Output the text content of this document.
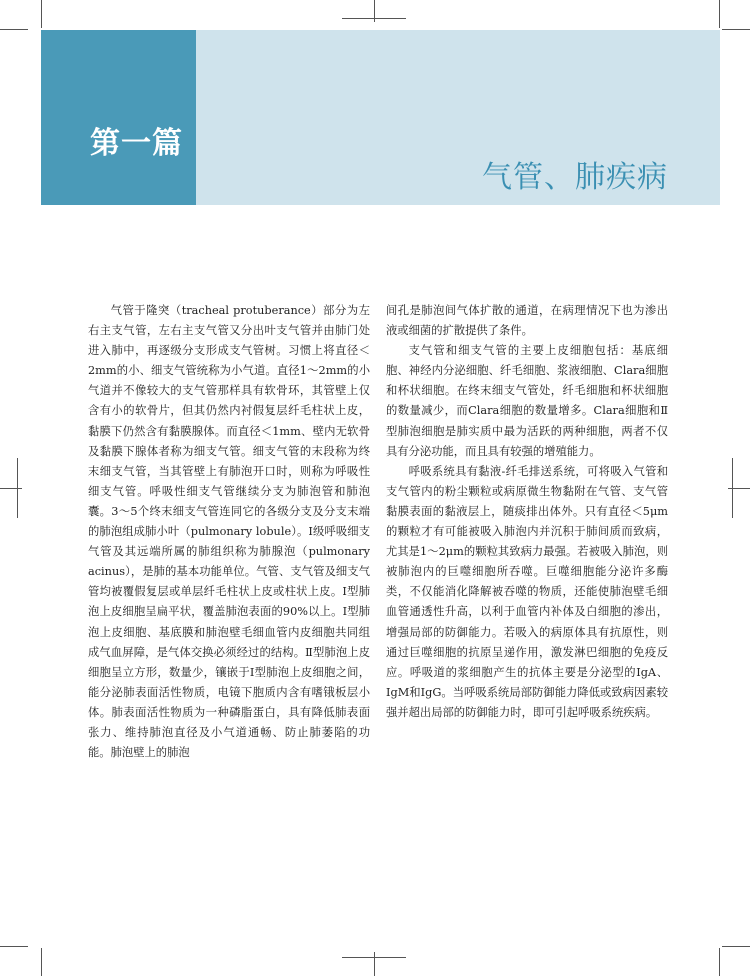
第一篇
气管、肺疾病

气管于隆突（tracheal protuberance）部分为左右主支气管，左右主支气管又分出叶支气管并由肺门处进入肺中，再逐级分支形成支气管树。习惯上将直径＜2mm的小、细支气管统称为小气道。直径1～2mm的小气道并不像较大的支气管那样具有软骨环，其管壁上仅含有小的软骨片，但其仍然内衬假复层纤毛柱状上皮，黏膜下仍然含有黏膜腺体。而直径＜1mm、壁内无软骨及黏膜下腺体者称为细支气管。细支气管的末段称为终末细支气管，当其管壁上有肺泡开口时，则称为呼吸性细支气管。呼吸性细支气管继续分支为肺泡管和肺泡囊。3～5个终末细支气管连同它的各级分支及分支末端的肺泡组成肺小叶（pulmonary lobule）。Ⅰ级呼吸细支气管及其远端所属的肺组织称为肺腺泡（pulmonary acinus），是肺的基本功能单位。气管、支气管及细支气管均被覆假复层或单层纤毛柱状上皮或柱状上皮。Ⅰ型肺泡上皮细胞呈扁平状，覆盖肺泡表面的90%以上。Ⅰ型肺泡上皮细胞、基底膜和肺泡壁毛细血管内皮细胞共同组成气血屏障，是气体交换必须经过的结构。Ⅱ型肺泡上皮细胞呈立方形，数量少，镶嵌于Ⅰ型肺泡上皮细胞之间，能分泌肺表面活性物质，电镜下胞质内含有嗜锇板层小体。肺表面活性物质为一种磷脂蛋白，具有降低肺表面张力、维持肺泡直径及小气道通畅、防止肺萎陷的功能。肺泡壁上的肺泡

间孔是肺泡间气体扩散的通道，在病理情况下也为渗出液或细菌的扩散提供了条件。

支气管和细支气管的主要上皮细胞包括：基底细胞、神经内分泌细胞、纤毛细胞、浆液细胞、Clara细胞和杯状细胞。在终末细支气管处，纤毛细胞和杯状细胞的数量减少，而Clara细胞的数量增多。Clara细胞和Ⅱ型肺泡细胞是肺实质中最为活跃的两种细胞，两者不仅具有分泌功能，而且具有较强的增殖能力。

呼吸系统具有黏液-纤毛排送系统，可将吸入气管和支气管内的粉尘颗粒或病原微生物黏附在气管、支气管黏膜表面的黏液层上，随痰排出体外。只有直径＜5μm的颗粒才有可能被吸入肺泡内并沉积于肺间质而致病，尤其是1～2μm的颗粒其致病力最强。若被吸入肺泡，则被肺泡内的巨噬细胞所吞噬。巨噬细胞能分泌许多酶类，不仅能消化降解被吞噬的物质，还能使肺泡壁毛细血管通透性升高，以利于血管内补体及白细胞的渗出，增强局部的防御能力。若吸入的病原体具有抗原性，则通过巨噬细胞的抗原呈递作用，激发淋巴细胞的免疫反应。呼吸道的浆细胞产生的抗体主要是分泌型的IgA、IgM和IgG。当呼吸系统局部防御能力降低或致病因素较强并超出局部的防御能力时，即可引起呼吸系统疾病。
